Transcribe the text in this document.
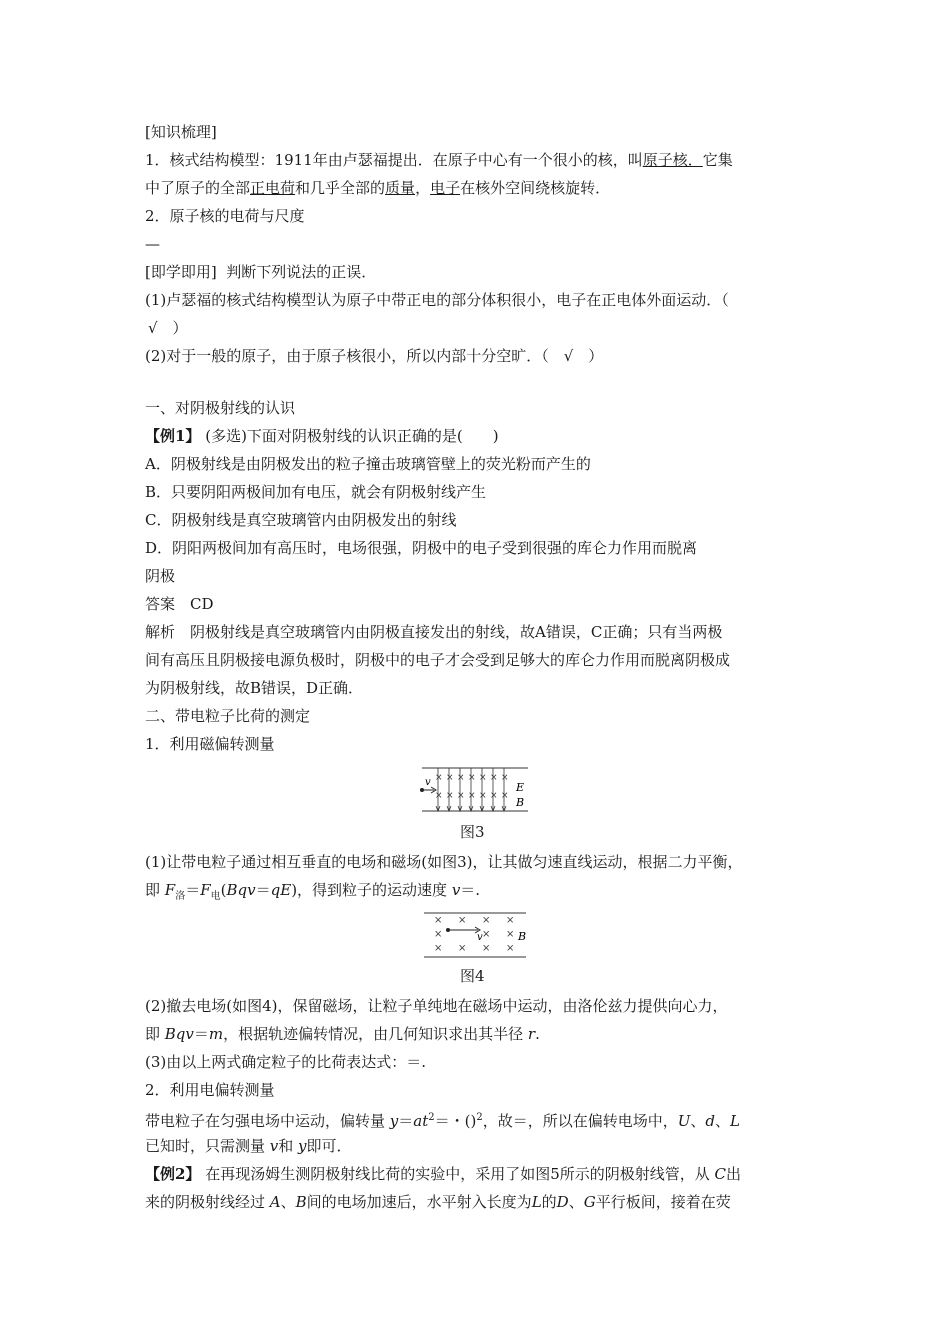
[知识梳理]
1．核式结构模型：1911年由卢瑟福提出．在原子中心有一个很小的核，叫原子核．它集
中了原子的全部正电荷和几乎全部的质量，电子在核外空间绕核旋转．
2．原子核的电荷与尺度
—
[即学即用] 判断下列说法的正误．
(1)卢瑟福的核式结构模型认为原子中带正电的部分体积很小，电子在正电体外面运动．（
√　）
(2)对于一般的原子，由于原子核很小，所以内部十分空旷．（　√　）
一、对阴极射线的认识
【例1】 (多选)下面对阴极射线的认识正确的是(　　)
A．阴极射线是由阴极发出的粒子撞击玻璃管壁上的荧光粉而产生的
B．只要阴阳两极间加有电压，就会有阴极射线产生
C．阴极射线是真空玻璃管内由阴极发出的射线
D．阴阳两极间加有高压时，电场很强，阴极中的电子受到很强的库仑力作用而脱离
阴极
答案　CD
解析　阴极射线是真空玻璃管内由阴极直接发出的射线，故A错误，C正确；只有当两极
间有高压且阴极接电源负极时，阴极中的电子才会受到足够大的库仑力作用而脱离阴极成
为阴极射线，故B错误，D正确．
二、带电粒子比荷的测定
1．利用磁偏转测量
×
×
×
×
×
×
×
×
×
×
×
×
×
×
v	E
B
图3
(1)让带电粒子通过相互垂直的电场和磁场(如图3)，让其做匀速直线运动，根据二力平衡，
即 $F_洛=F_电(Bqv=qE)$，得到粒子的运动速度 v＝.
× × × ×
×	× ×
× × × ×
v	B
图4
(2)撤去电场(如图4)，保留磁场，让粒子单纯地在磁场中运动，由洛伦兹力提供向心力，
即 Bqv＝m，根据轨迹偏转情况，由几何知识求出其半径 r.
(3)由以上两式确定粒子的比荷表达式：＝.
2．利用电偏转测量
带电粒子在匀强电场中运动，偏转量 $y=at^2=$・()$^2$，故＝，所以在偏转电场中，U、d、L
已知时，只需测量 v和 y即可．
【例2】 在再现汤姆生测阴极射线比荷的实验中，采用了如图5所示的阴极射线管，从 C出
来的阴极射线经过 A、B间的电场加速后，水平射入长度为L的D、G平行板间，接着在荧
